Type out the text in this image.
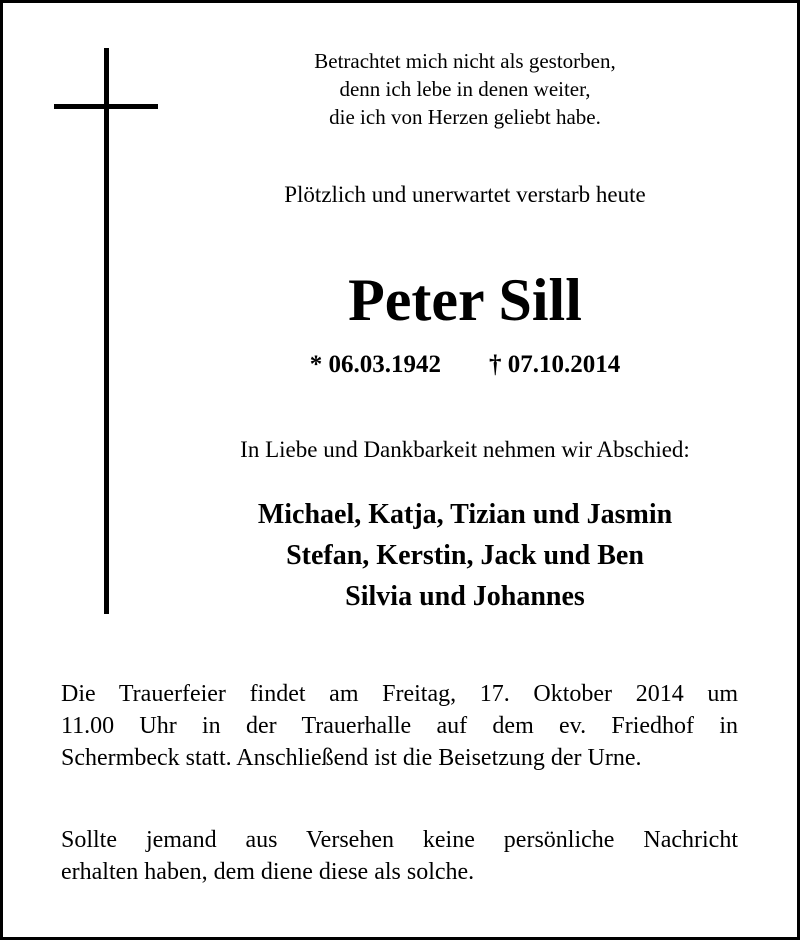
Betrachtet mich nicht als gestorben,
denn ich lebe in denen weiter,
die ich von Herzen geliebt habe.
Plötzlich und unerwartet verstarb heute
Peter Sill
* 06.03.1942 † 07.10.2014
In Liebe und Dankbarkeit nehmen wir Abschied:
Michael, Katja, Tizian und Jasmin
Stefan, Kerstin, Jack und Ben
Silvia und Johannes
Die Trauerfeier findet am Freitag, 17. Oktober 2014 um
11.00 Uhr in der Trauerhalle auf dem ev. Friedhof in
Schermbeck statt. Anschließend ist die Beisetzung der Urne.
Sollte jemand aus Versehen keine persönliche Nachricht
erhalten haben, dem diene diese als solche.
